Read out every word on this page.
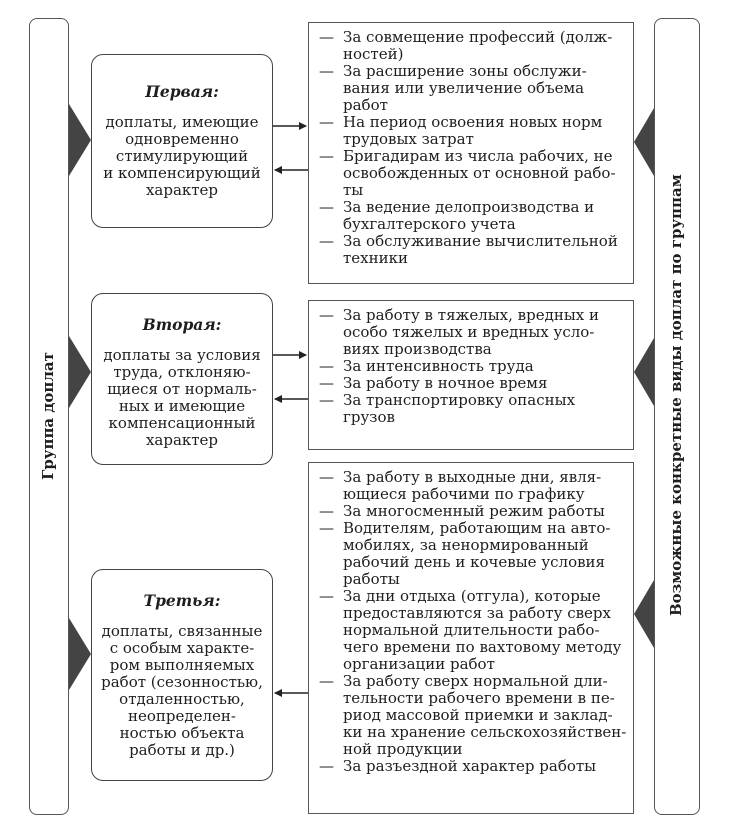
Группа доплат	Возможные конкретные виды доплат по группам
Первая:
доплаты, имеющие
одновременно
стимулирующий
и компенсирующий
характер
Вторая:
доплаты за условия
труда, отклоняю-
щиеся от нормаль-
ных и имеющие
компенсационный
характер
Третья:
доплаты, связанные
с особым характе-
ром выполняемых
работ (сезонностью,
отдаленностью,
неопределен-
ностью объекта
работы и др.)
— За совмещение профессий (долж-
ностей)
— За расширение зоны обслужи-
вания или увеличение объема
работ
— На период освоения новых норм
трудовых затрат
— Бригадирам из числа рабочих, не
освобожденных от основной рабо-
ты
— За ведение делопроизводства и
бухгалтерского учета
— За обслуживание вычислительной
техники
— За работу в тяжелых, вредных и
особо тяжелых и вредных усло-
виях производства
— За интенсивность труда
— За работу в ночное время
— За транспортировку опасных
грузов
— За работу в выходные дни, явля-
ющиеся рабочими по графику
— За многосменный режим работы
— Водителям, работающим на авто-
мобилях, за ненормированный
рабочий день и кочевые условия
работы
— За дни отдыха (отгула), которые
предоставляются за работу сверх
нормальной длительности рабо-
чего времени по вахтовому методу
организации работ
— За работу сверх нормальной дли-
тельности рабочего времени в пе-
риод массовой приемки и заклад-
ки на хранение сельскохозяйствен-
ной продукции
— За разъездной характер работы
